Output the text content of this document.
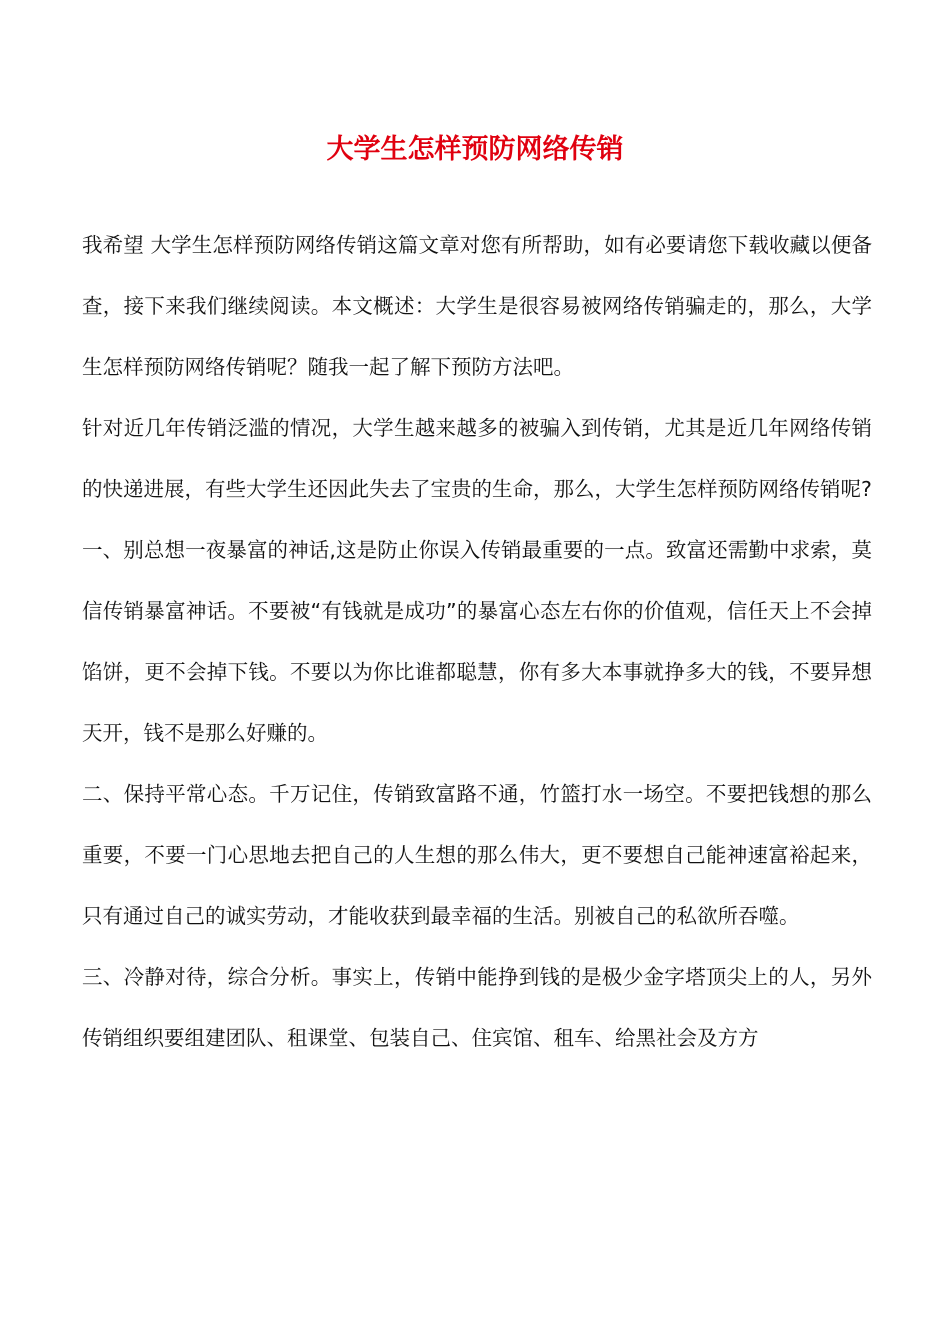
大学生怎样预防网络传销

我希望 大学生怎样预防网络传销这篇文章对您有所帮助，如有必要请您下载收藏以便备查，接下来我们继续阅读。本文概述：大学生是很容易被网络传销骗走的，那么，大学生怎样预防网络传销呢？随我一起了解下预防方法吧。

针对近几年传销泛滥的情况，大学生越来越多的被骗入到传销，尤其是近几年网络传销的快递进展，有些大学生还因此失去了宝贵的生命，那么，大学生怎样预防网络传销呢?

一、别总想一夜暴富的神话,这是防止你误入传销最重要的一点。致富还需勤中求索，莫信传销暴富神话。不要被“有钱就是成功”的暴富心态左右你的价值观，信任天上不会掉馅饼，更不会掉下钱。不要以为你比谁都聪慧，你有多大本事就挣多大的钱，不要异想天开，钱不是那么好赚的。

二、保持平常心态。千万记住，传销致富路不通，竹篮打水一场空。不要把钱想的那么重要，不要一门心思地去把自己的人生想的那么伟大，更不要想自己能神速富裕起来，只有通过自己的诚实劳动，才能收获到最幸福的生活。别被自己的私欲所吞噬。

三、冷静对待，综合分析。事实上，传销中能挣到钱的是极少金字塔顶尖上的人，另外传销组织要组建团队、租课堂、包装自己、住宾馆、租车、给黑社会及方方
